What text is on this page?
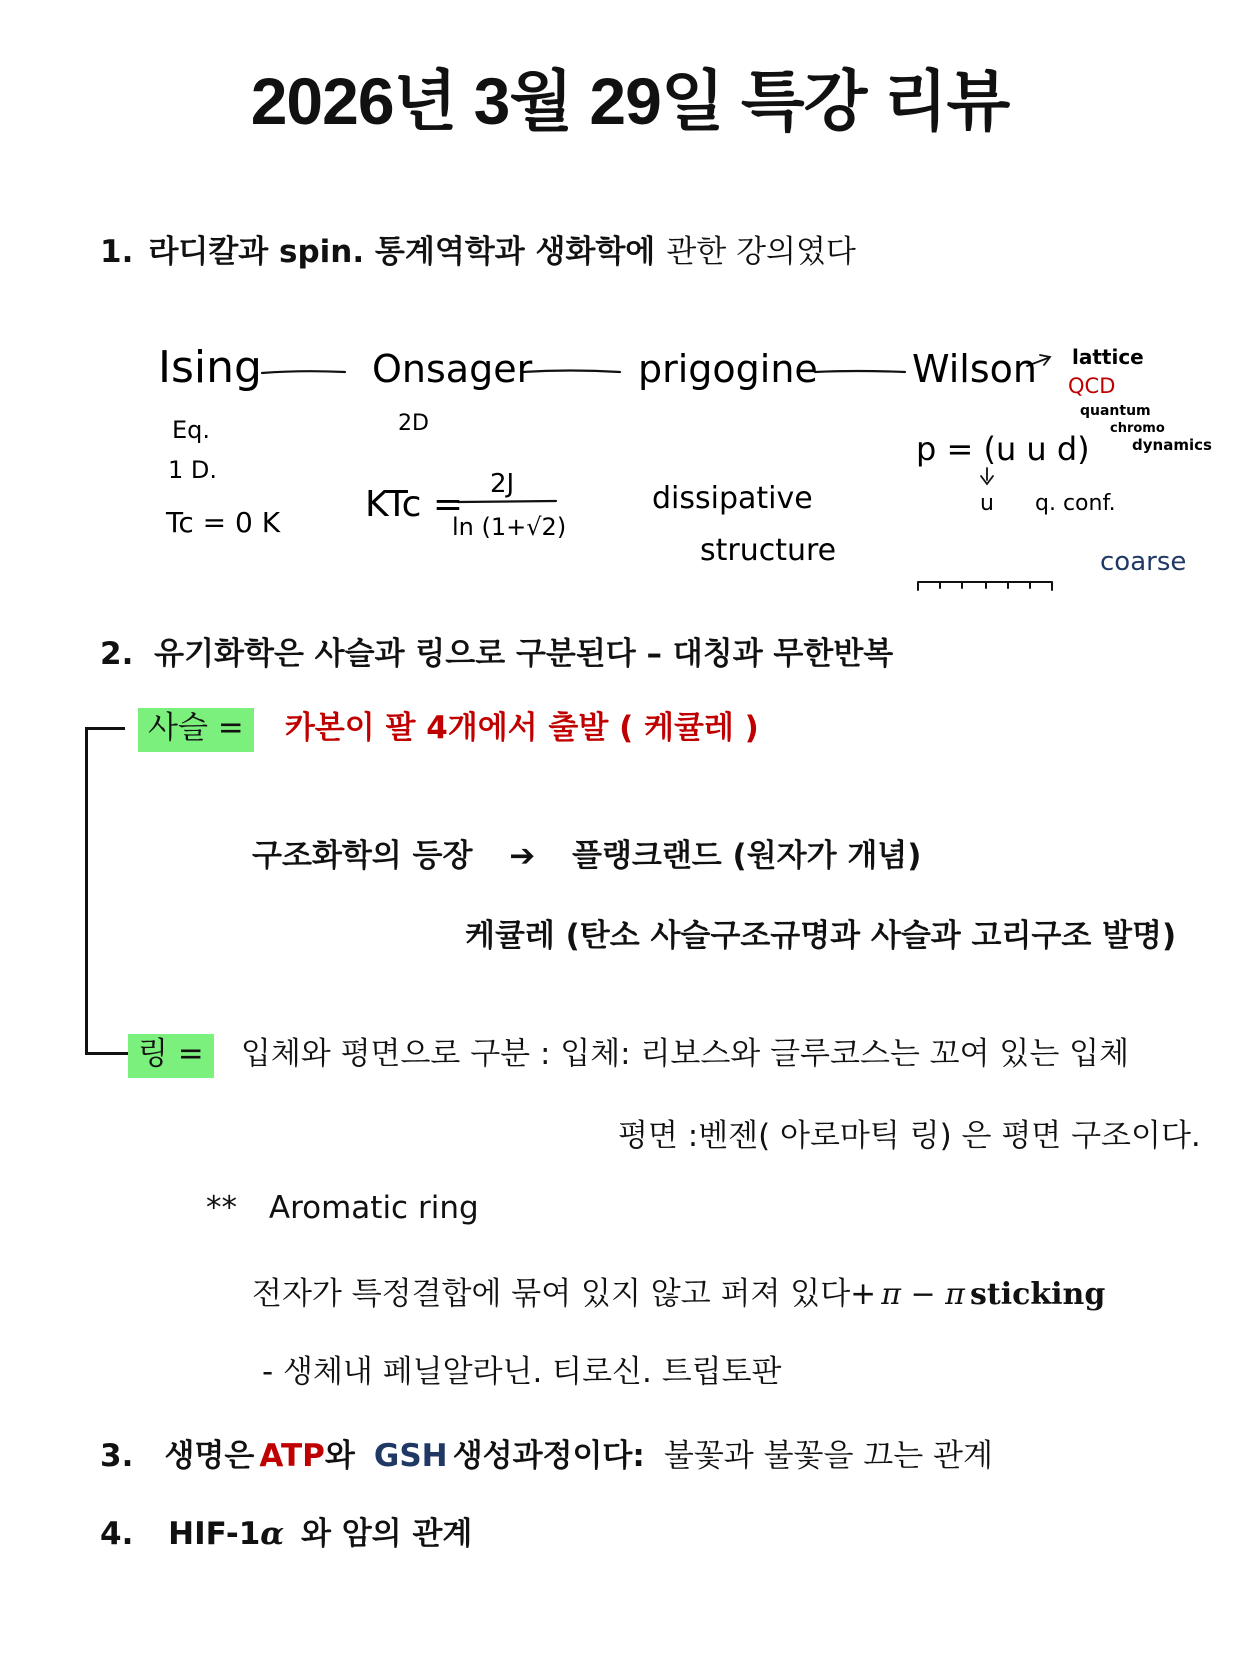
2026년 3월 29일 특강 리뷰
1. 라디칼과 spin. 통계역학과 생화학에 관한 강의였다
Ising	Onsager	prigogine Wilson lattice
QCD
quantum
chromo
dynamics
Eq.
1 D.
Tc = 0 K
2D
KTc = 2J
ln (1+√2)
dissipative
structure
p = (u u d)
u q. conf.
coarse
2. 유기화학은 사슬과 링으로 구분된다 – 대칭과 무한반복
사슬 = 카본이 팔 4개에서 출발 ( 케큘레 )
구조화학의 등장 ➔ 플랭크랜드 (원자가 개념)
케큘레 (탄소 사슬구조규명과 사슬과 고리구조 발명)
링 = 입체와 평면으로 구분 : 입체: 리보스와 글루코스는 꼬여 있는 입체
평면 :벤젠( 아로마틱 링) 은 평면 구조이다.
** Aromatic ring
전자가 특정결합에 묶여 있지 않고 퍼져 있다+ π − π sticking
- 생체내 페닐알라닌. 티로신. 트립토판
3. 생명은 ATP와 GSH 생성과정이다: 불꽃과 불꽃을 끄는 관계
4. HIF-1α 와 암의 관계
